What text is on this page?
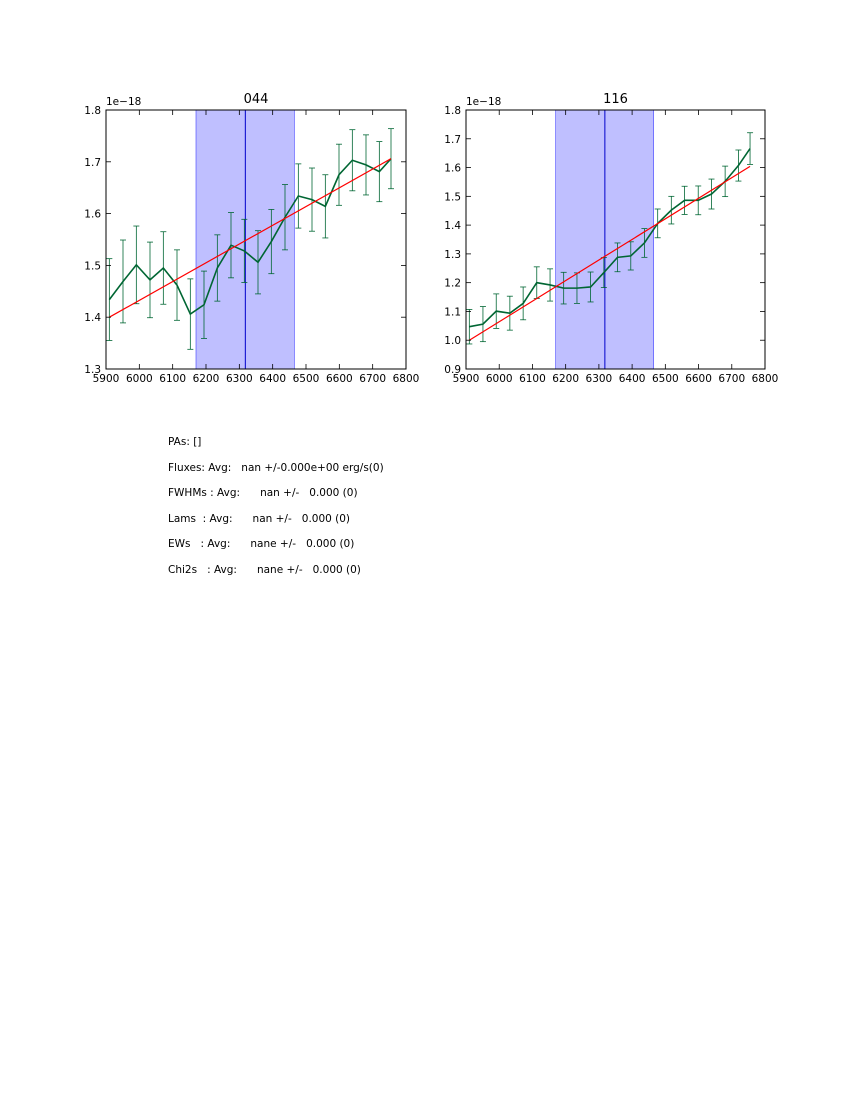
5900 6000 6100 6200 6300 6400 6500 6600 6700 6800
1.3
1.4
1.5
1.6
1.7
1.8
1e−18	044
5900 6000 6100 6200 6300 6400 6500 6600 6700 6800
0.9
1.0
1.1
1.2
1.3
1.4
1.5
1.6
1.7
1.8
1e−18	116
PAs: []
Fluxes: Avg:   nan +/-0.000e+00 erg/s(0)
FWHMs : Avg:      nan +/-   0.000 (0)
Lams  : Avg:      nan +/-   0.000 (0)
EWs   : Avg:      nane +/-   0.000 (0)
Chi2s   : Avg:      nane +/-   0.000 (0)
